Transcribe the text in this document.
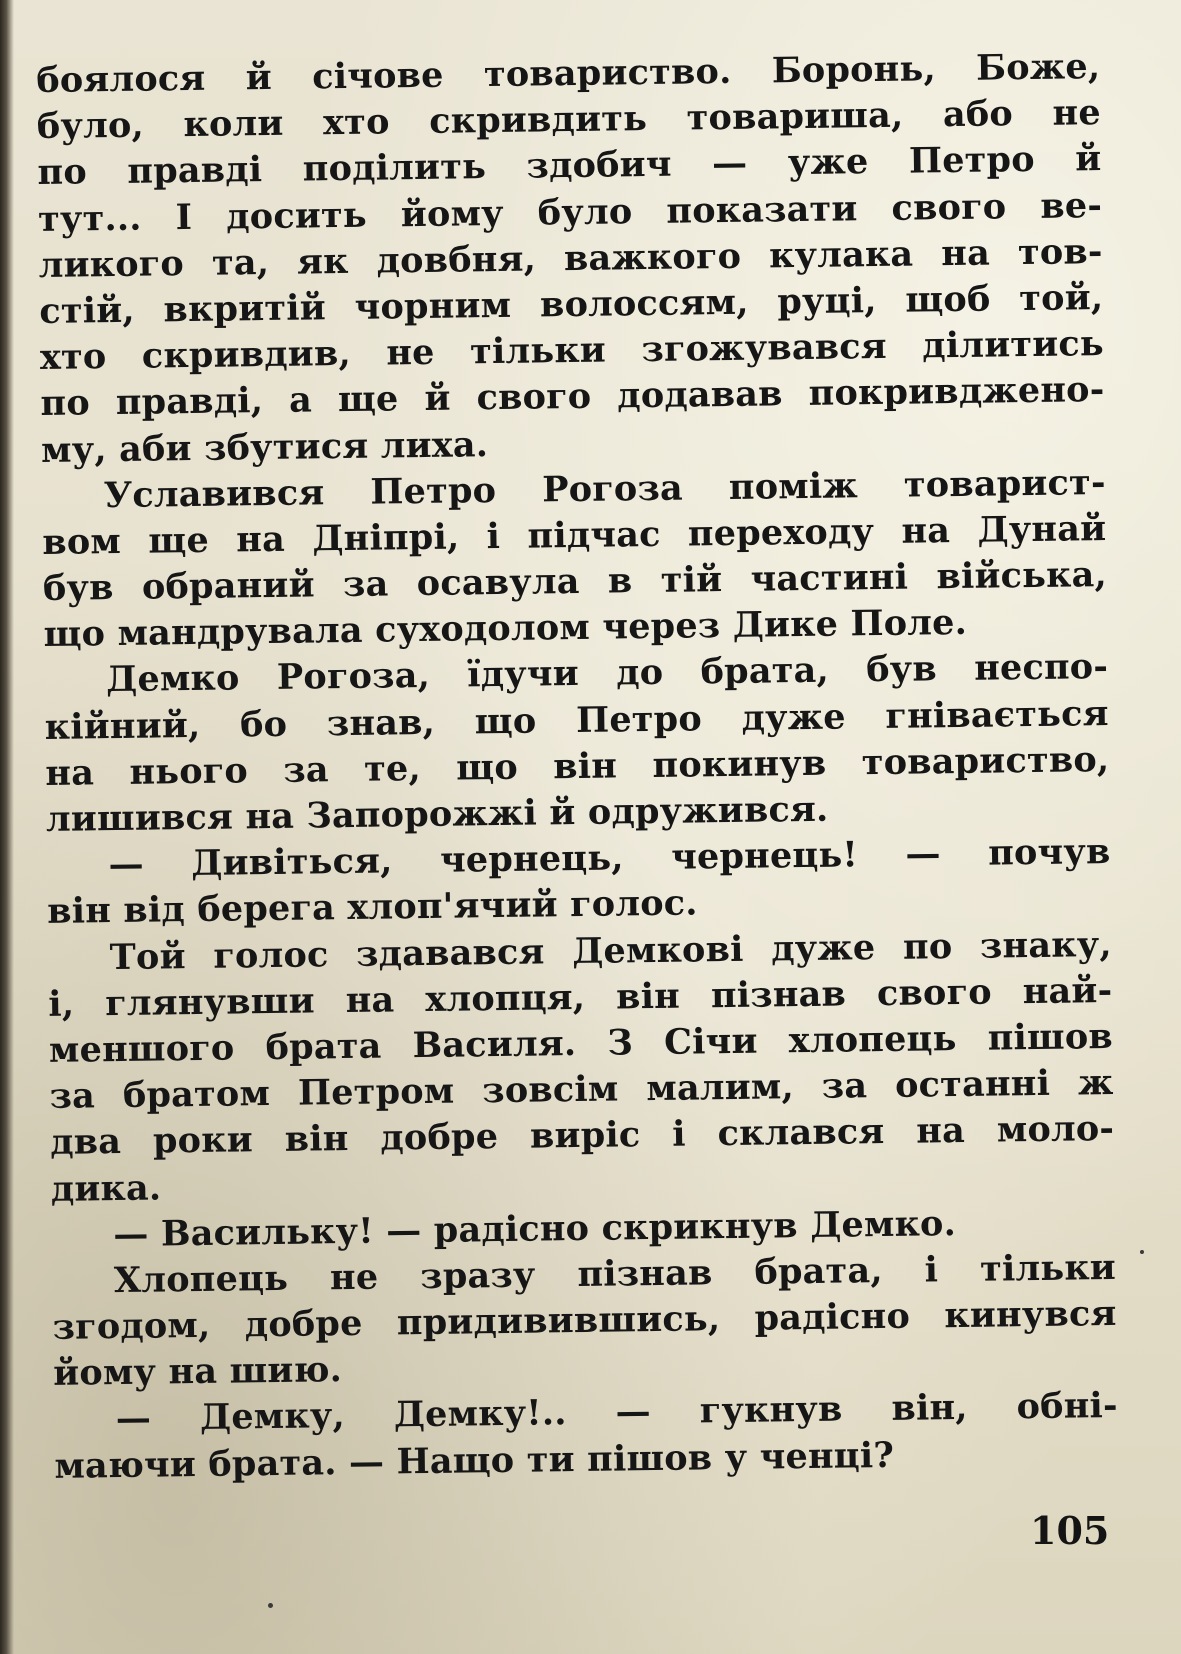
боялося й січове товариство. Боронь, Боже,
було, коли хто скривдить товариша, або не
по правді поділить здобич — уже Петро й
тут... І досить йому було показати свого ве-
ликого та, як довбня, важкого кулака на тов-
стій, вкритій чорним волоссям, руці, щоб той,
хто скривдив, не тільки згожувався ділитись
по правді, а ще й свого додавав покривджено-
му, аби збутися лиха.
Уславився Петро Рогоза поміж товарист-
вом ще на Дніпрі, і підчас переходу на Дунай
був обраний за осавула в тій частині війська,
що мандрувала суходолом через Дике Поле.
Демко Рогоза, їдучи до брата, був неспо-
кійний, бо знав, що Петро дуже гнівається
на нього за те, що він покинув товариство,
лишився на Запорожжі й одружився.
— Дивіться, чернець, чернець! — почув
він від берега хлоп'ячий голос.
Той голос здавався Демкові дуже по знаку,
і, глянувши на хлопця, він пізнав свого най-
меншого брата Василя. З Січи хлопець пішов
за братом Петром зовсім малим, за останні ж
два роки він добре виріс і склався на моло-
дика.
— Васильку! — радісно скрикнув Демко.
Хлопець не зразу пізнав брата, і тільки
згодом, добре придивившись, радісно кинувся
йому на шию.
— Демку, Демку!.. — гукнув він, обні-
маючи брата. — Нащо ти пішов у ченці?
105
